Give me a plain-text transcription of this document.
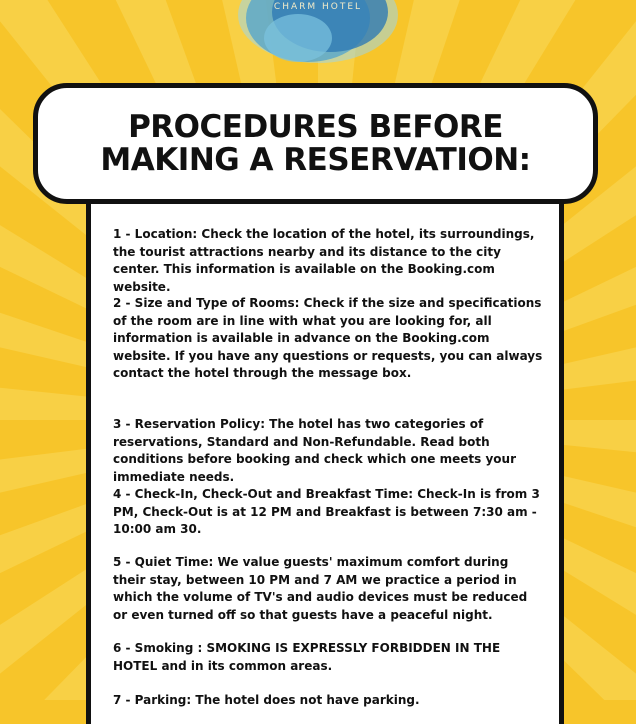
CHARM HOTEL
PROCEDURES BEFORE
MAKING A RESERVATION:

1 - Location: Check the location of the hotel, its surroundings, the tourist attractions nearby and its distance to the city center. This information is available on the Booking.com website.

2 - Size and Type of Rooms: Check if the size and specifications of the room are in line with what you are looking for, all information is available in advance on the Booking.com website. If you have any questions or requests, you can always contact the hotel through the message box.

3 - Reservation Policy: The hotel has two categories of reservations, Standard and Non-Refundable. Read both conditions before booking and check which one meets your immediate needs.

4 - Check-In, Check-Out and Breakfast Time: Check-In is from 3 PM, Check-Out is at 12 PM and Breakfast is between 7:30 am - 10:00 am 30.

5 - Quiet Time: We value guests' maximum comfort during their stay, between 10 PM and 7 AM we practice a period in which the volume of TV's and audio devices must be reduced or even turned off so that guests have a peaceful night.

6 - Smoking : SMOKING IS EXPRESSLY FORBIDDEN IN THE HOTEL and in its common areas.

7 - Parking: The hotel does not have parking.
